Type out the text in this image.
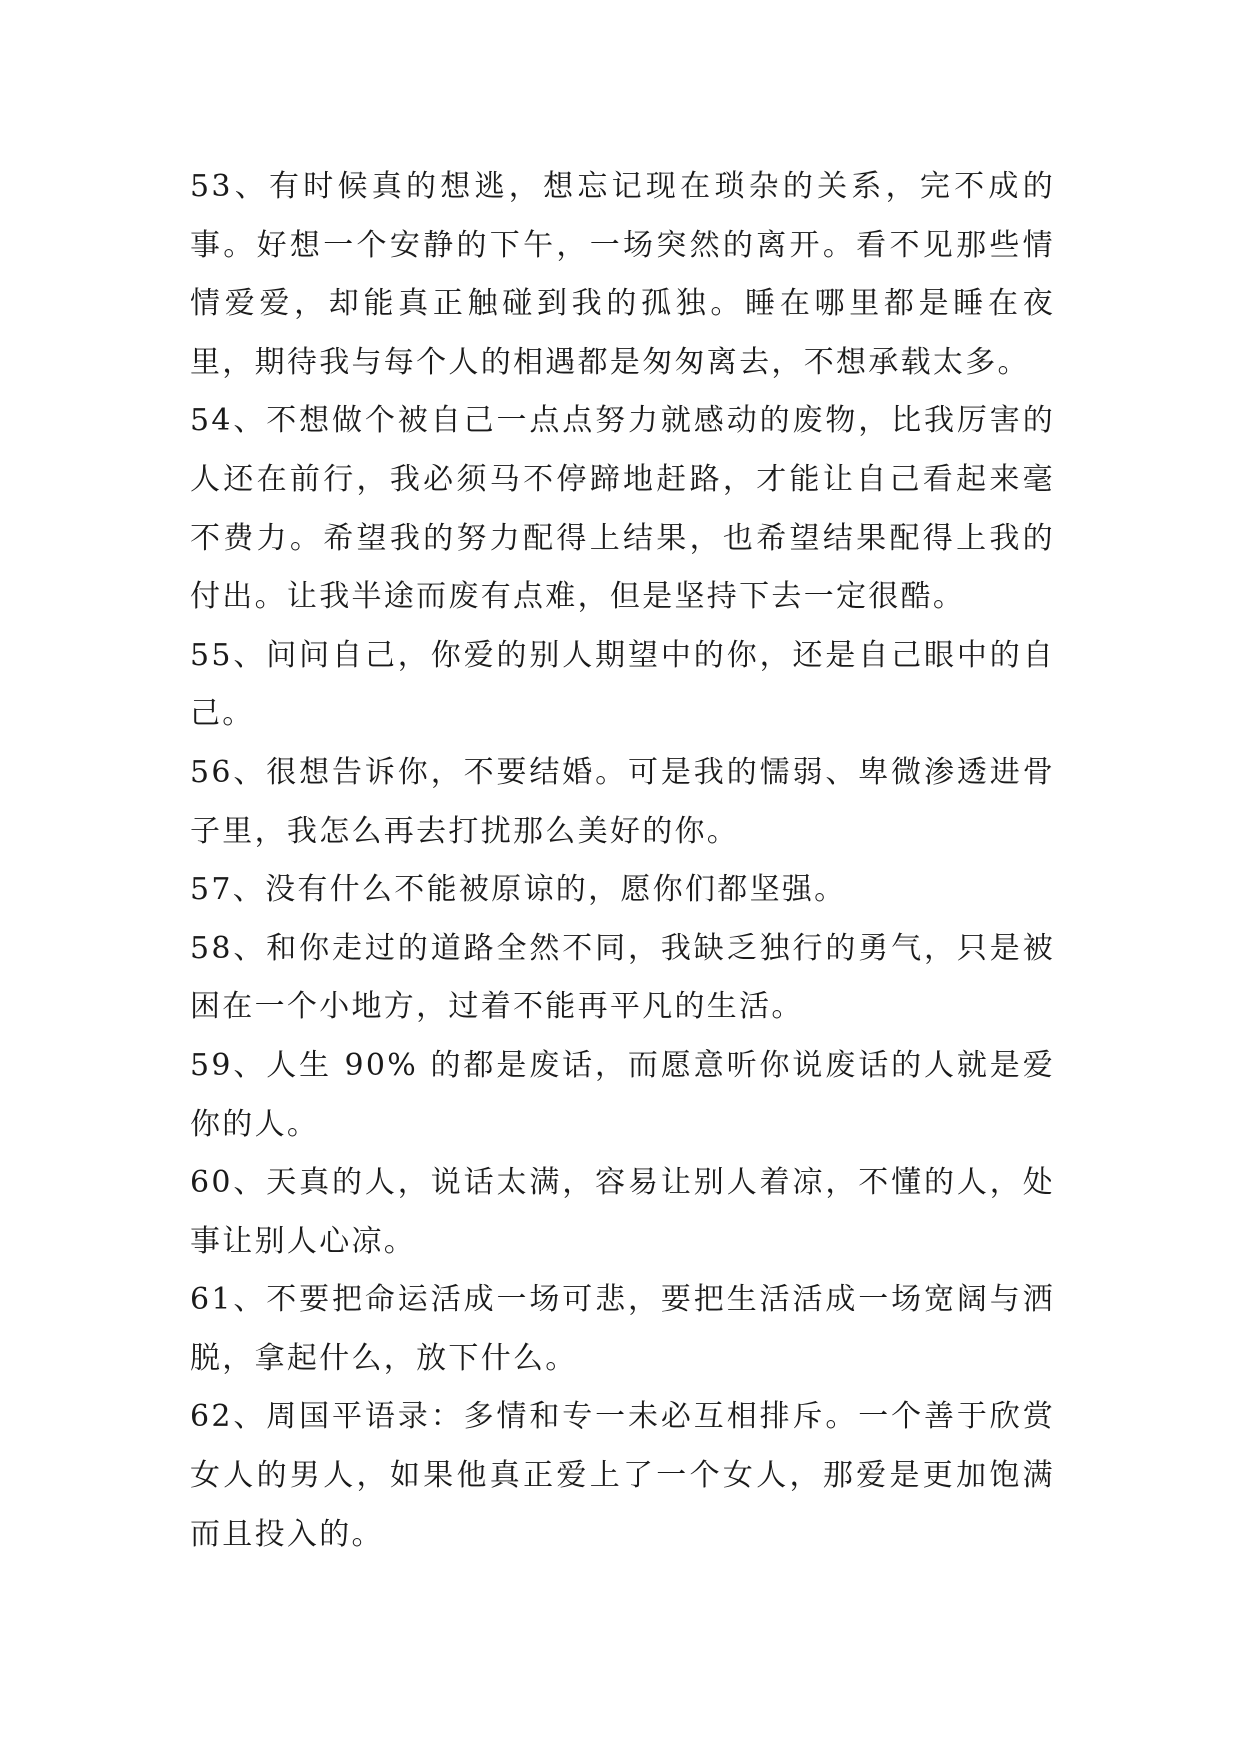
53、有时候真的想逃，想忘记现在琐杂的关系，完不成的事。好想一个安静的下午，一场突然的离开。看不见那些情情爱爱，却能真正触碰到我的孤独。睡在哪里都是睡在夜里，期待我与每个人的相遇都是匆匆离去，不想承载太多。

54、不想做个被自己一点点努力就感动的废物，比我厉害的人还在前行，我必须马不停蹄地赶路，才能让自己看起来毫不费力。希望我的努力配得上结果，也希望结果配得上我的付出。让我半途而废有点难，但是坚持下去一定很酷。

55、问问自己，你爱的别人期望中的你，还是自己眼中的自己。

56、很想告诉你，不要结婚。可是我的懦弱、卑微渗透进骨子里，我怎么再去打扰那么美好的你。

57、没有什么不能被原谅的，愿你们都坚强。

58、和你走过的道路全然不同，我缺乏独行的勇气，只是被困在一个小地方，过着不能再平凡的生活。

59、人生 90% 的都是废话，而愿意听你说废话的人就是爱你的人。

60、天真的人，说话太满，容易让别人着凉，不懂的人，处事让别人心凉。

61、不要把命运活成一场可悲，要把生活活成一场宽阔与洒脱，拿起什么，放下什么。

62、周国平语录：多情和专一未必互相排斥。一个善于欣赏女人的男人，如果他真正爱上了一个女人，那爱是更加饱满而且投入的。
